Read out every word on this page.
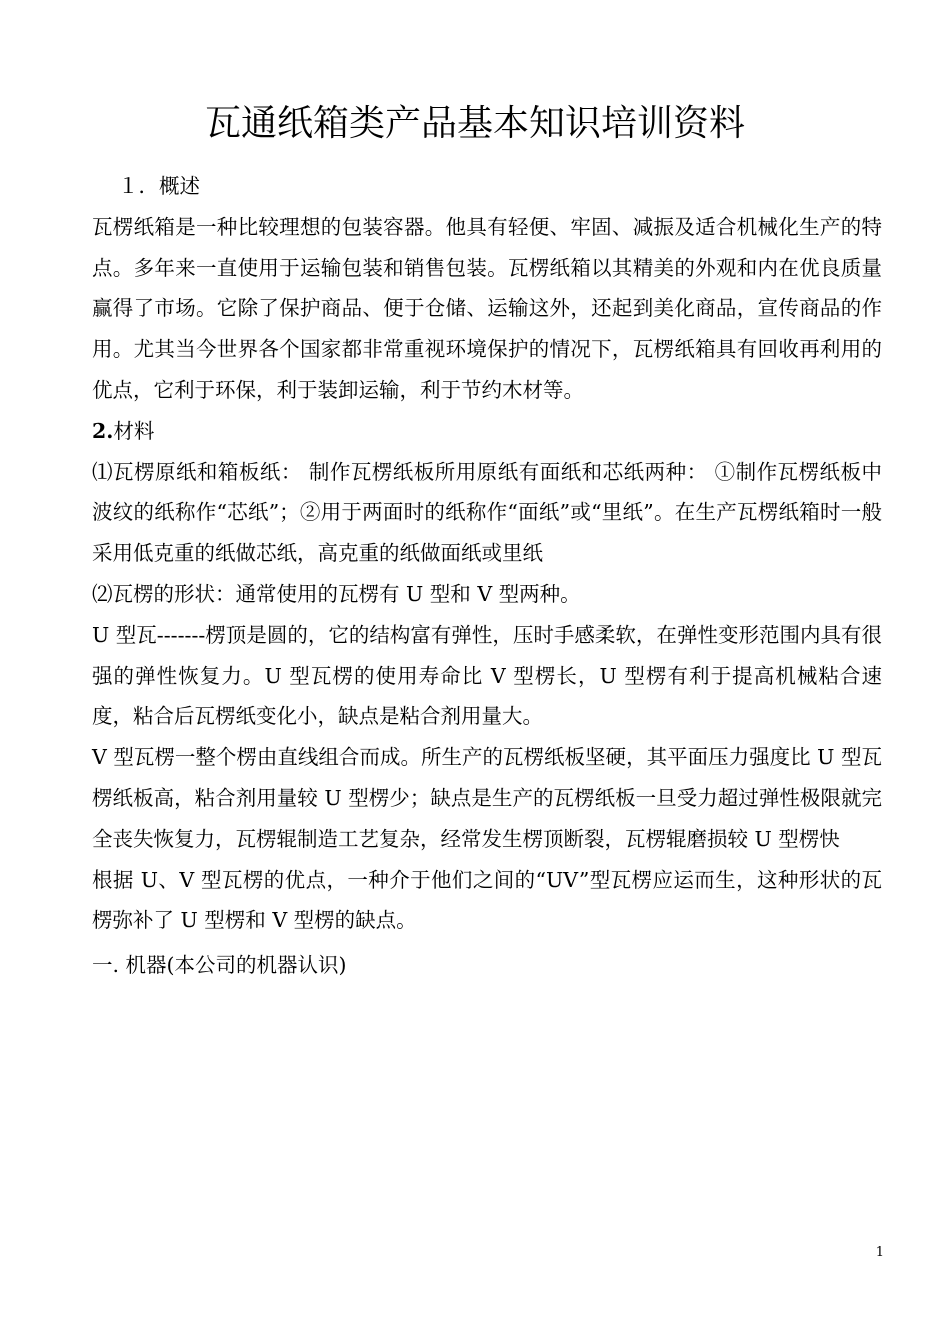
瓦通纸箱类产品基本知识培训资料

１．概述

瓦楞纸箱是一种比较理想的包装容器。他具有轻便、牢固、减振及适合机械化生产的特点。多年来一直使用于运输包装和销售包装。瓦楞纸箱以其精美的外观和内在优良质量赢得了市场。它除了保护商品、便于仓储、运输这外，还起到美化商品，宣传商品的作用。尤其当今世界各个国家都非常重视环境保护的情况下，瓦楞纸箱具有回收再利用的优点，它利于环保，利于装卸运输，利于节约木材等。

2.材料

⑴瓦楞原纸和箱板纸： 制作瓦楞纸板所用原纸有面纸和芯纸两种： ①制作瓦楞纸板中波纹的纸称作“芯纸”；②用于两面时的纸称作“面纸”或“里纸”。在生产瓦楞纸箱时一般采用低克重的纸做芯纸，高克重的纸做面纸或里纸

⑵瓦楞的形状：通常使用的瓦楞有 U 型和 V 型两种。

U 型瓦-------楞顶是圆的，它的结构富有弹性，压时手感柔软，在弹性变形范围内具有很强的弹性恢复力。U 型瓦楞的使用寿命比 V 型楞长，U 型楞有利于提高机械粘合速度，粘合后瓦楞纸变化小，缺点是粘合剂用量大。

V 型瓦楞一整个楞由直线组合而成。所生产的瓦楞纸板坚硬，其平面压力强度比 U 型瓦楞纸板高，粘合剂用量较 U 型楞少；缺点是生产的瓦楞纸板一旦受力超过弹性极限就完全丧失恢复力，瓦楞辊制造工艺复杂，经常发生楞顶断裂，瓦楞辊磨损较 U 型楞快

根据 U、V 型瓦楞的优点，一种介于他们之间的“UV”型瓦楞应运而生，这种形状的瓦楞弥补了 U 型楞和 V 型楞的缺点。

一. 机器(本公司的机器认识)

1
